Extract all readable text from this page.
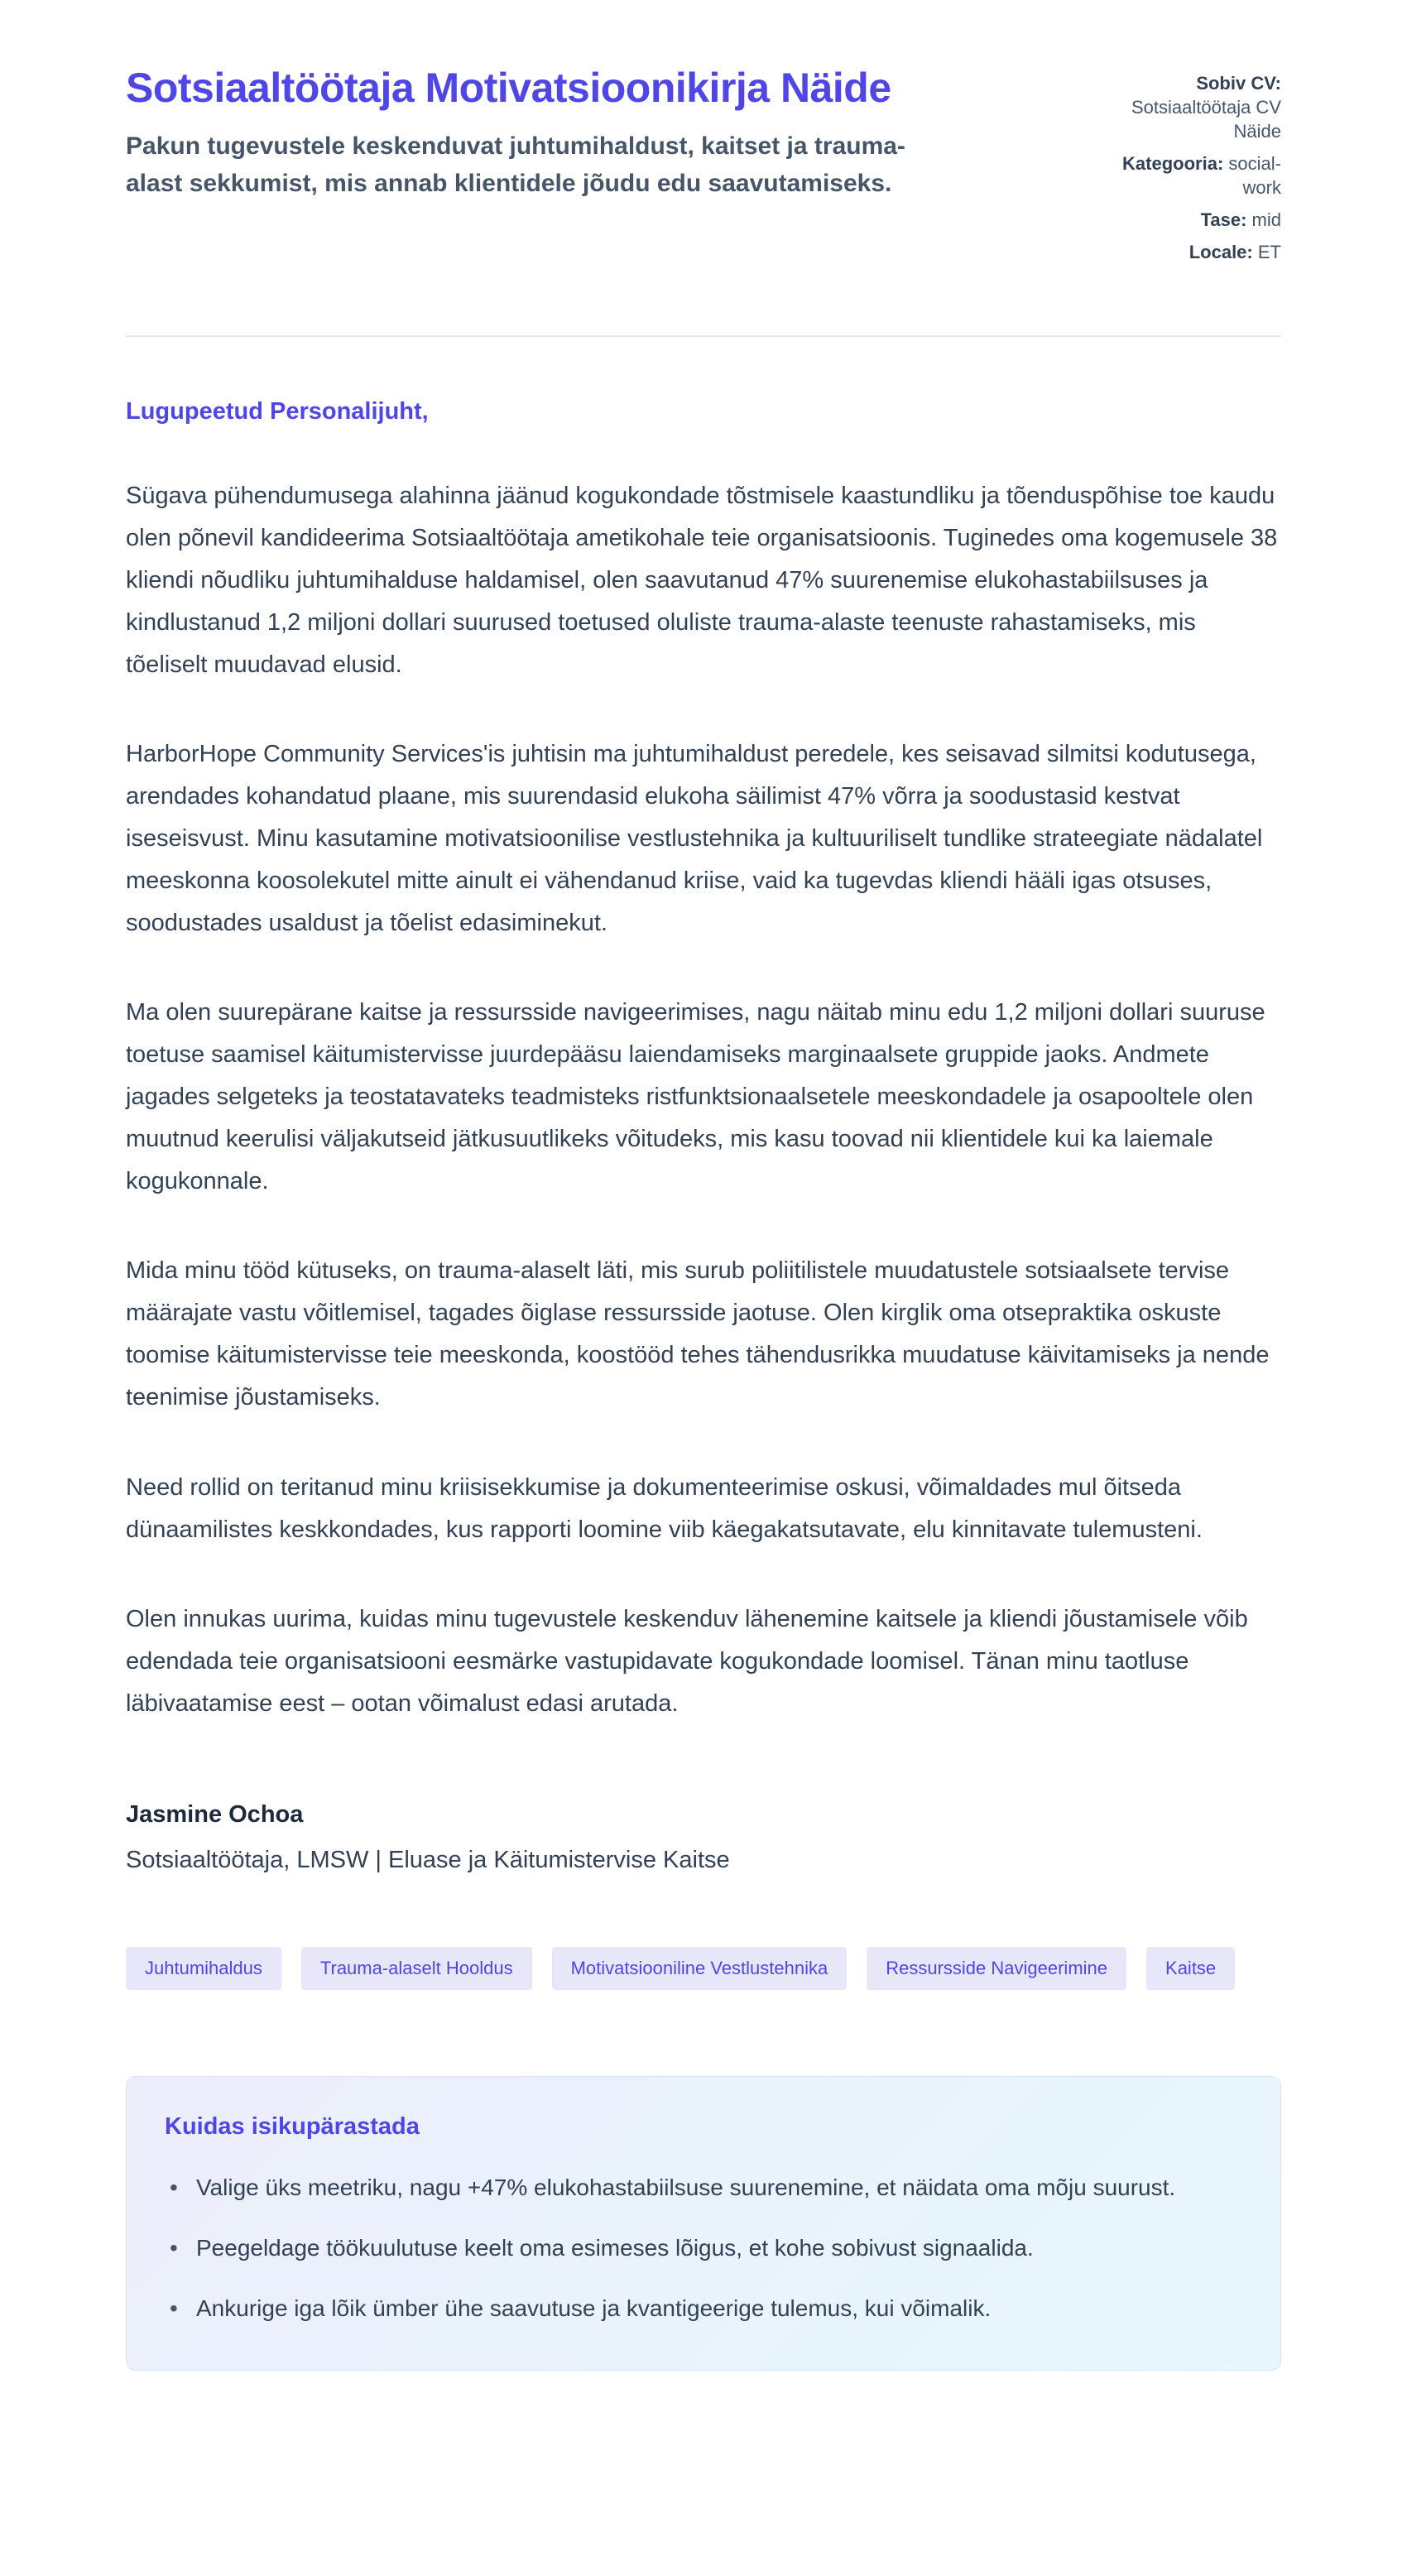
Sotsiaaltöötaja Motivatsioonikirja Näide

Pakun tugevustele keskenduvat juhtumihaldust, kaitset ja trauma-alast sekkumist, mis annab klientidele jõudu edu saavutamiseks.

Sobiv CV: Sotsiaaltöötaja CV Näide
Kategooria: social-work
Tase: mid
Locale: ET

Lugupeetud Personalijuht,

Sügava pühendumusega alahinna jäänud kogukondade tõstmisele kaastundliku ja tõenduspõhise toe kaudu olen põnevil kandideerima Sotsiaaltöötaja ametikohale teie organisatsioonis. Tuginedes oma kogemusele 38 kliendi nõudliku juhtumihalduse haldamisel, olen saavutanud 47% suurenemise elukohastabiilsuses ja kindlustanud 1,2 miljoni dollari suurused toetused oluliste trauma-alaste teenuste rahastamiseks, mis tõeliselt muudavad elusid.

HarborHope Community Services'is juhtisin ma juhtumihaldust peredele, kes seisavad silmitsi kodutusega, arendades kohandatud plaane, mis suurendasid elukoha säilimist 47% võrra ja soodustasid kestvat iseseisvust. Minu kasutamine motivatsioonilise vestlustehnika ja kultuuriliselt tundlike strateegiate nädalatel meeskonna koosolekutel mitte ainult ei vähendanud kriise, vaid ka tugevdas kliendi hääli igas otsuses, soodustades usaldust ja tõelist edasiminekut.

Ma olen suurepärane kaitse ja ressursside navigeerimises, nagu näitab minu edu 1,2 miljoni dollari suuruse toetuse saamisel käitumistervisse juurdepääsu laiendamiseks marginaalsete gruppide jaoks. Andmete jagades selgeteks ja teostatavateks teadmisteks ristfunktsionaalsetele meeskondadele ja osapooltele olen muutnud keerulisi väljakutseid jätkusuutlikeks võitudeks, mis kasu toovad nii klientidele kui ka laiemale kogukonnale.

Mida minu tööd kütuseks, on trauma-alaselt läti, mis surub poliitilistele muudatustele sotsiaalsete tervise määrajate vastu võitlemisel, tagades õiglase ressursside jaotuse. Olen kirglik oma otsepraktika oskuste toomise käitumistervisse teie meeskonda, koostööd tehes tähendusrikka muudatuse käivitamiseks ja nende teenimise jõustamiseks.

Need rollid on teritanud minu kriisisekkumise ja dokumenteerimise oskusi, võimaldades mul õitseda dünaamilistes keskkondades, kus rapporti loomine viib käegakatsutavate, elu kinnitavate tulemusteni.

Olen innukas uurima, kuidas minu tugevustele keskenduv lähenemine kaitsele ja kliendi jõustamisele võib edendada teie organisatsiooni eesmärke vastupidavate kogukondade loomisel. Tänan minu taotluse läbivaatamise eest – ootan võimalust edasi arutada.

Jasmine Ochoa

Sotsiaaltöötaja, LMSW | Eluase ja Käitumistervise Kaitse

Juhtumihaldus	Trauma-alaselt Hooldus	Motivatsiooniline Vestlustehnika	Ressursside Navigeerimine	Kaitse
Kuidas isikupärastada
• Valige üks meetriku, nagu +47% elukohastabiilsuse suurenemine, et näidata oma mõju suurust.
• Peegeldage töökuulutuse keelt oma esimeses lõigus, et kohe sobivust signaalida.
• Ankurige iga lõik ümber ühe saavutuse ja kvantigeerige tulemus, kui võimalik.
